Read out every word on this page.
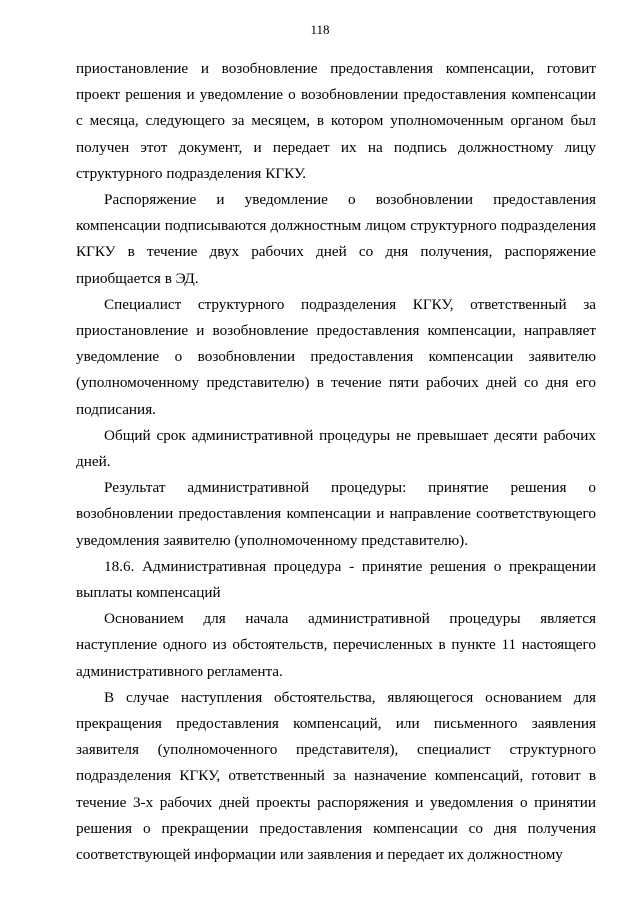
118

приостановление и возобновление предоставления компенсации, готовит проект решения и уведомление о возобновлении предоставления компенсации с месяца, следующего за месяцем, в котором уполномоченным органом был получен этот документ, и передает их на подпись должностному лицу структурного подразделения КГКУ.

Распоряжение и уведомление о возобновлении предоставления компенсации подписываются должностным лицом структурного подразделения КГКУ в течение двух рабочих дней со дня получения, распоряжение приобщается в ЭД.

Специалист структурного подразделения КГКУ, ответственный за приостановление и возобновление предоставления компенсации, направляет уведомление о возобновлении предоставления компенсации заявителю (уполномоченному представителю) в течение пяти рабочих дней со дня его подписания.

Общий срок административной процедуры не превышает десяти рабочих дней.

Результат административной процедуры: принятие решения о возобновлении предоставления компенсации и направление соответствующего уведомления заявителю (уполномоченному представителю).

18.6. Административная процедура - принятие решения о прекращении выплаты компенсаций

Основанием для начала административной процедуры является наступление одного из обстоятельств, перечисленных в пункте 11 настоящего административного регламента.

В случае наступления обстоятельства, являющегося основанием для прекращения предоставления компенсаций, или письменного заявления заявителя (уполномоченного представителя), специалист структурного подразделения КГКУ, ответственный за назначение компенсаций, готовит в течение 3-х рабочих дней проекты распоряжения и уведомления о принятии решения о прекращении предоставления компенсации со дня получения соответствующей информации или заявления и передает их должностному
